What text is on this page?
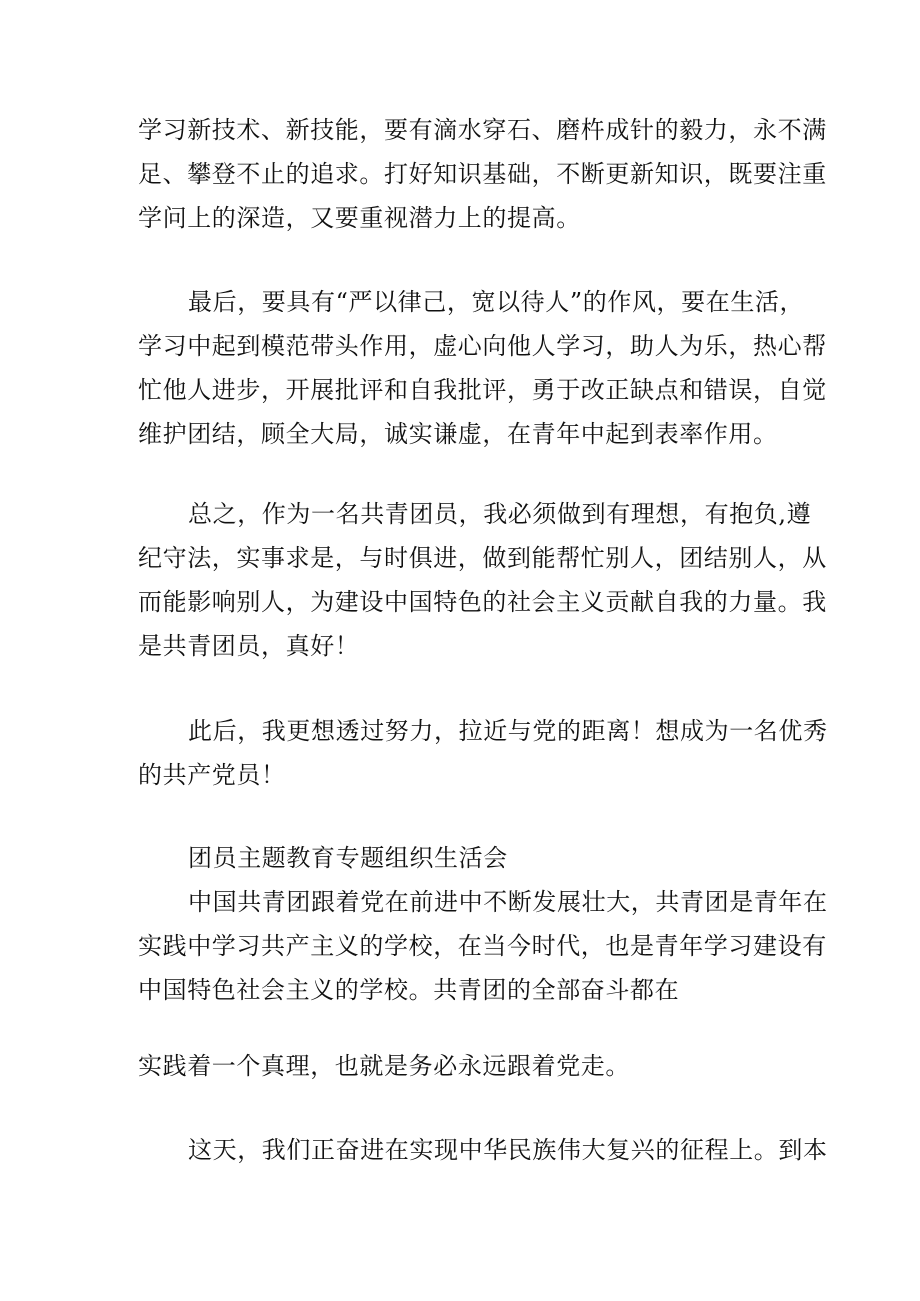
学习新技术、新技能，要有滴水穿石、磨杵成针的毅力，永不满
足、攀登不止的追求。打好知识基础，不断更新知识，既要注重
学问上的深造，又要重视潜力上的提高。
最后，要具有“严以律己，宽以待人”的作风，要在生活，
学习中起到模范带头作用，虚心向他人学习，助人为乐，热心帮
忙他人进步，开展批评和自我批评，勇于改正缺点和错误，自觉
维护团结，顾全大局，诚实谦虚，在青年中起到表率作用。
总之，作为一名共青团员，我必须做到有理想，有抱负,遵
纪守法，实事求是，与时俱进，做到能帮忙别人，团结别人，从
而能影响别人，为建设中国特色的社会主义贡献自我的力量。我
是共青团员，真好！
此后，我更想透过努力，拉近与党的距离！想成为一名优秀
的共产党员！
团员主题教育专题组织生活会
中国共青团跟着党在前进中不断发展壮大，共青团是青年在
实践中学习共产主义的学校，在当今时代，也是青年学习建设有
中国特色社会主义的学校。共青团的全部奋斗都在
实践着一个真理，也就是务必永远跟着党走。
这天，我们正奋进在实现中华民族伟大复兴的征程上。到本
